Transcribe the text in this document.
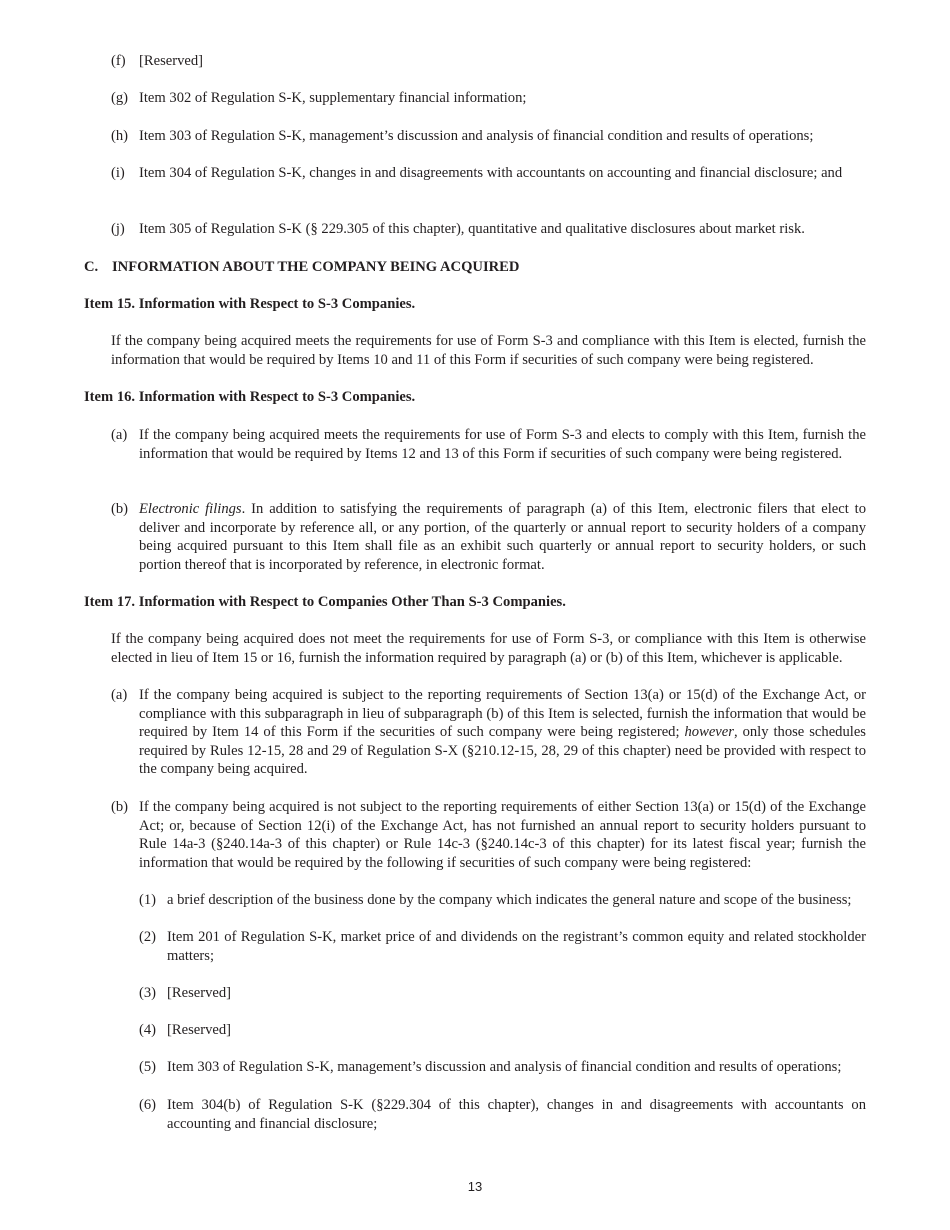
(f) [Reserved]
(g) Item 302 of Regulation S-K, supplementary financial information;
(h) Item 303 of Regulation S-K, management’s discussion and analysis of financial condition and results of operations;
(i) Item 304 of Regulation S-K, changes in and disagreements with accountants on accounting and financial disclosure; and
(j) Item 305 of Regulation S-K (§ 229.305 of this chapter), quantitative and qualitative disclosures about market risk.
C. INFORMATION ABOUT THE COMPANY BEING ACQUIRED
Item 15. Information with Respect to S-3 Companies.
If the company being acquired meets the requirements for use of Form S-3 and compliance with this Item is elected, furnish the information that would be required by Items 10 and 11 of this Form if securities of such company were being registered.
Item 16. Information with Respect to S-3 Companies.
(a) If the company being acquired meets the requirements for use of Form S-3 and elects to comply with this Item, furnish the information that would be required by Items 12 and 13 of this Form if securities of such company were being registered.
(b) Electronic filings. In addition to satisfying the requirements of paragraph (a) of this Item, electronic filers that elect to deliver and incorporate by reference all, or any portion, of the quarterly or annual report to security holders of a company being acquired pursuant to this Item shall file as an exhibit such quarterly or annual report to security holders, or such portion thereof that is incorporated by reference, in electronic format.
Item 17. Information with Respect to Companies Other Than S-3 Companies.
If the company being acquired does not meet the requirements for use of Form S-3, or compliance with this Item is otherwise elected in lieu of Item 15 or 16, furnish the information required by paragraph (a) or (b) of this Item, whichever is applicable.
(a) If the company being acquired is subject to the reporting requirements of Section 13(a) or 15(d) of the Exchange Act, or compliance with this subparagraph in lieu of subparagraph (b) of this Item is selected, furnish the information that would be required by Item 14 of this Form if the securities of such company were being registered; however, only those schedules required by Rules 12-15, 28 and 29 of Regulation S-X (§210.12-15, 28, 29 of this chapter) need be provided with respect to the company being acquired.
(b) If the company being acquired is not subject to the reporting requirements of either Section 13(a) or 15(d) of the Exchange Act; or, because of Section 12(i) of the Exchange Act, has not furnished an annual report to security holders pursuant to Rule 14a-3 (§240.14a-3 of this chapter) or Rule 14c-3 (§240.14c-3 of this chapter) for its latest fiscal year; furnish the information that would be required by the following if securities of such company were being registered:
(1) a brief description of the business done by the company which indicates the general nature and scope of the business;
(2) Item 201 of Regulation S-K, market price of and dividends on the registrant’s common equity and related stockholder matters;
(3) [Reserved]
(4) [Reserved]
(5) Item 303 of Regulation S-K, management’s discussion and analysis of financial condition and results of operations;
(6) Item 304(b) of Regulation S-K (§229.304 of this chapter), changes in and disagreements with accountants on accounting and financial disclosure;
13
